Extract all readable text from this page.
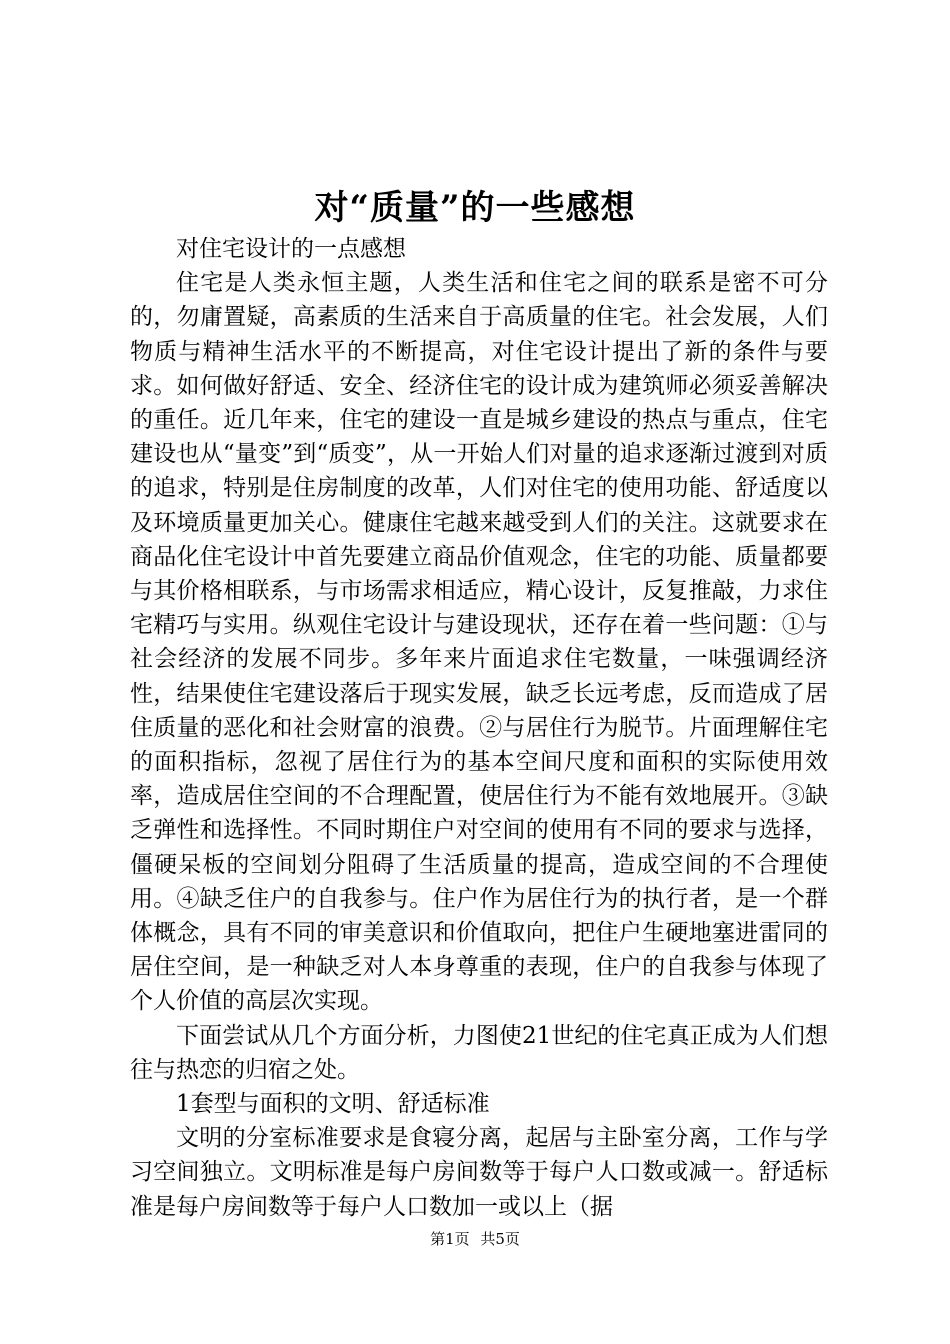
对“质量”的一些感想

对住宅设计的一点感想

住宅是人类永恒主题，人类生活和住宅之间的联系是密不可分的，勿庸置疑，高素质的生活来自于高质量的住宅。社会发展，人们物质与精神生活水平的不断提高，对住宅设计提出了新的条件与要求。如何做好舒适、安全、经济住宅的设计成为建筑师必须妥善解决的重任。近几年来，住宅的建设一直是城乡建设的热点与重点，住宅建设也从“量变”到“质变”，从一开始人们对量的追求逐渐过渡到对质的追求，特别是住房制度的改革，人们对住宅的使用功能、舒适度以及环境质量更加关心。健康住宅越来越受到人们的关注。这就要求在商品化住宅设计中首先要建立商品价值观念，住宅的功能、质量都要与其价格相联系，与市场需求相适应，精心设计，反复推敲，力求住宅精巧与实用。纵观住宅设计与建设现状，还存在着一些问题：①与社会经济的发展不同步。多年来片面追求住宅数量，一味强调经济性，结果使住宅建设落后于现实发展，缺乏长远考虑，反而造成了居住质量的恶化和社会财富的浪费。②与居住行为脱节。片面理解住宅的面积指标，忽视了居住行为的基本空间尺度和面积的实际使用效率，造成居住空间的不合理配置，使居住行为不能有效地展开。③缺乏弹性和选择性。不同时期住户对空间的使用有不同的要求与选择，僵硬呆板的空间划分阻碍了生活质量的提高，造成空间的不合理使用。④缺乏住户的自我参与。住户作为居住行为的执行者，是一个群体概念，具有不同的审美意识和价值取向，把住户生硬地塞进雷同的居住空间，是一种缺乏对人本身尊重的表现，住户的自我参与体现了个人价值的高层次实现。

下面尝试从几个方面分析，力图使21世纪的住宅真正成为人们想往与热恋的归宿之处。

1套型与面积的文明、舒适标准

文明的分室标准要求是食寝分离，起居与主卧室分离，工作与学习空间独立。文明标准是每户房间数等于每户人口数或减一。舒适标准是每户房间数等于每户人口数加一或以上（据

第1页 共5页
